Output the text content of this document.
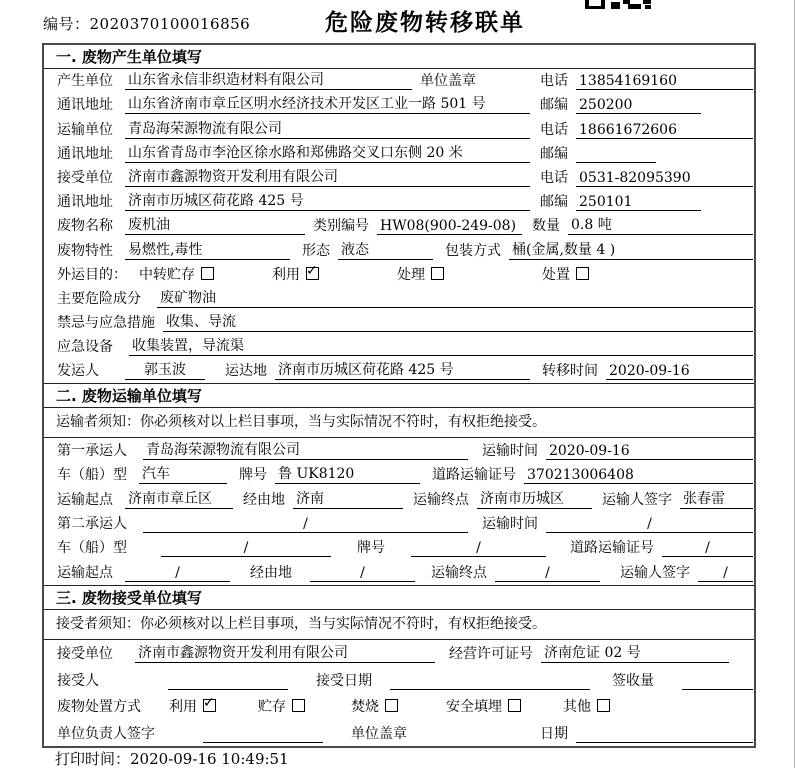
编号：2020370100016856	危险废物转移联单
一. 废物产生单位填写
产生单位 山东省永信非织造材料有限公司	单位盖章	电话 13854169160
通讯地址 山东省济南市章丘区明水经济技术开发区工业一路 501 号	邮编 250200
运输单位 青岛海荣源物流有限公司	电话 18661672606
通讯地址 山东省青岛市李沧区徐水路和郑佛路交叉口东侧 20 米	邮编
接受单位 济南市鑫源物资开发利用有限公司	电话 0531-82095390
通讯地址 济南市历城区荷花路 425 号	邮编 250101
废物名称 废机油	类别编号 HW08(900-249-08)	数量 0.8 吨
废物特性 易燃性,毒性	形态 液态	包装方式 桶(金属,数量 4 )
外运目的： 中转贮存	利用 ✓	处理	处置
主要危险成分 废矿物油
禁忌与应急措施 收集、导流
应急设备 收集装置，导流渠
发运人	郭玉波	运达地 济南市历城区荷花路 425 号	转移时间 2020-09-16
二. 废物运输单位填写
运输者须知：你必须核对以上栏目事项，当与实际情况不符时，有权拒绝接受。
第一承运人	青岛海荣源物流有限公司	运输时间 2020-09-16
车（船）型 汽车	牌号 鲁 UK8120	道路运输证号 370213006408
运输起点 济南市章丘区	经由地 济南	运输终点 济南市历城区	运输人签字 张春雷
第二承运人	/	运输时间	/
车（船）型	/	牌号	/	道路运输证号	/
运输起点	/	经由地	/	运输终点	/	运输人签字	/
三. 废物接受单位填写
接受者须知：你必须核对以上栏目事项，当与实际情况不符时，有权拒绝接受。
接受单位	济南市鑫源物资开发利用有限公司	经营许可证号 济南危证 02 号
接受人	接受日期	签收量
废物处置方式 利用 ✓	贮存	焚烧	安全填埋	其他
单位负责人签字	单位盖章	日期
打印时间：2020-09-16 10:49:51
